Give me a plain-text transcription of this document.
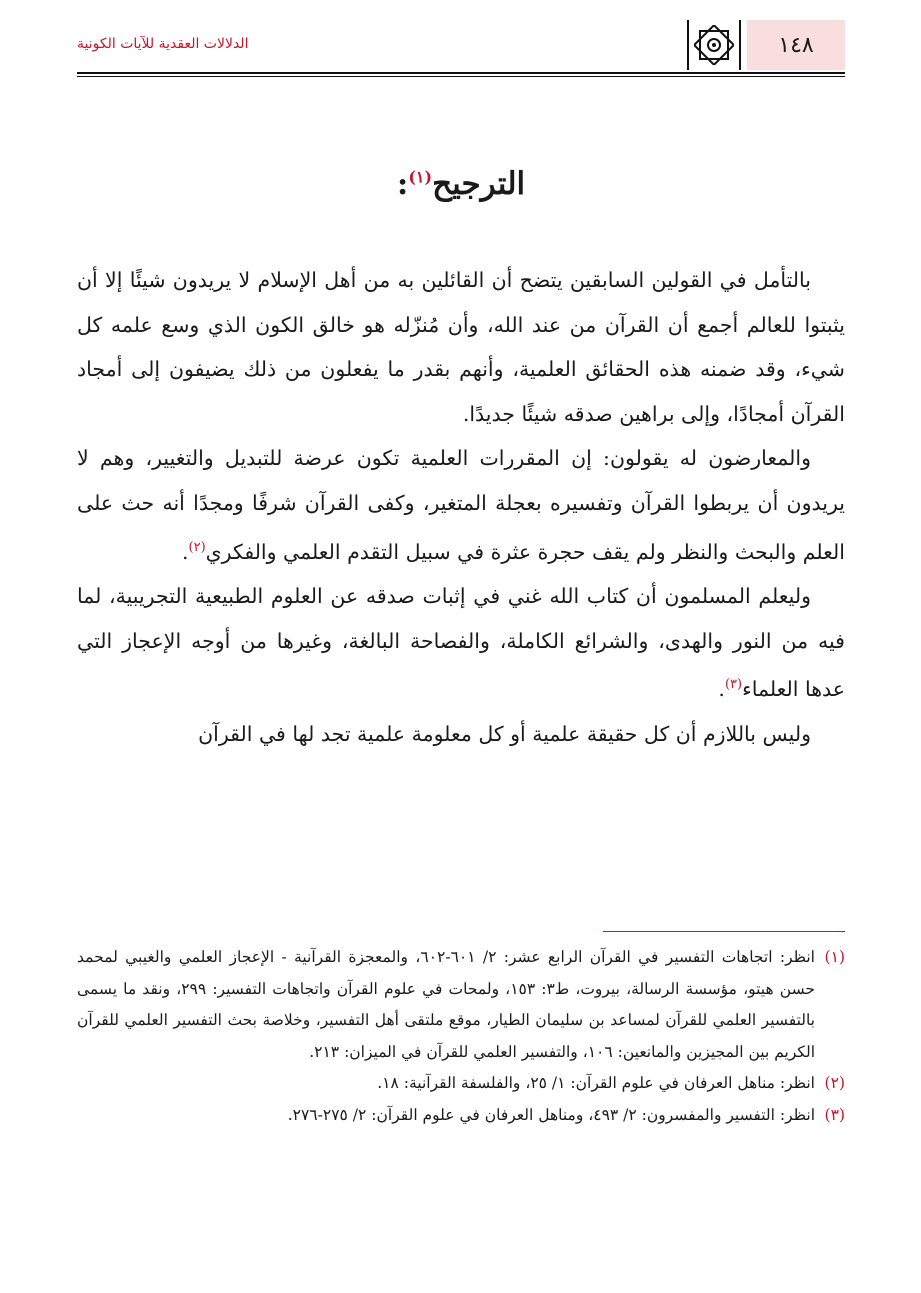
الدلالات العقدية للآيات الكونية	١٤٨
الترجيح$^{(١)}$:

بالتأمل في القولين السابقين يتضح أن القائلين به من أهل الإسلام لا يريدون شيئًا إلا أن يثبتوا للعالم أجمع أن القرآن من عند الله، وأن مُنزّله هو خالق الكون الذي وسع علمه كل شيء، وقد ضمنه هذه الحقائق العلمية، وأنهم بقدر ما يفعلون من ذلك يضيفون إلى أمجاد القرآن أمجادًا، وإلى براهين صدقه شيئًا جديدًا.

والمعارضون له يقولون: إن المقررات العلمية تكون عرضة للتبديل والتغيير، وهم لا يريدون أن يربطوا القرآن وتفسيره بعجلة المتغير، وكفى القرآن شرفًا ومجدًا أنه حث على العلم والبحث والنظر ولم يقف حجرة عثرة في سبيل التقدم العلمي والفكري$^{(٢)}$.

وليعلم المسلمون أن كتاب الله غني في إثبات صدقه عن العلوم الطبيعية التجريبية، لما فيه من النور والهدى، والشرائع الكاملة، والفصاحة البالغة، وغيرها من أوجه الإعجاز التي عدها العلماء$^{(٣)}$.

وليس باللازم أن كل حقيقة علمية أو كل معلومة علمية تجد لها في القرآن

(١)
انظر: اتجاهات التفسير في القرآن الرابع عشر: ٢/ ٦٠١-٦٠٢، والمعجزة القرآنية - الإعجاز العلمي والغيبي لمحمد حسن هيتو، مؤسسة الرسالة، بيروت، ط٣: ١٥٣، ولمحات في علوم القرآن واتجاهات التفسير: ٢٩٩، ونقد ما يسمى بالتفسير العلمي للقرآن لمساعد بن سليمان الطيار، موقع ملتقى أهل التفسير، وخلاصة بحث التفسير العلمي للقرآن الكريم بين المجيزين والمانعين: ١٠٦، والتفسير العلمي للقرآن في الميزان: ٢١٣.
(٢)
انظر: مناهل العرفان في علوم القرآن: ١/ ٢٥، والفلسفة القرآنية: ١٨.
(٣)
انظر: التفسير والمفسرون: ٢/ ٤٩٣، ومناهل العرفان في علوم القرآن: ٢/ ٢٧٥-٢٧٦.
